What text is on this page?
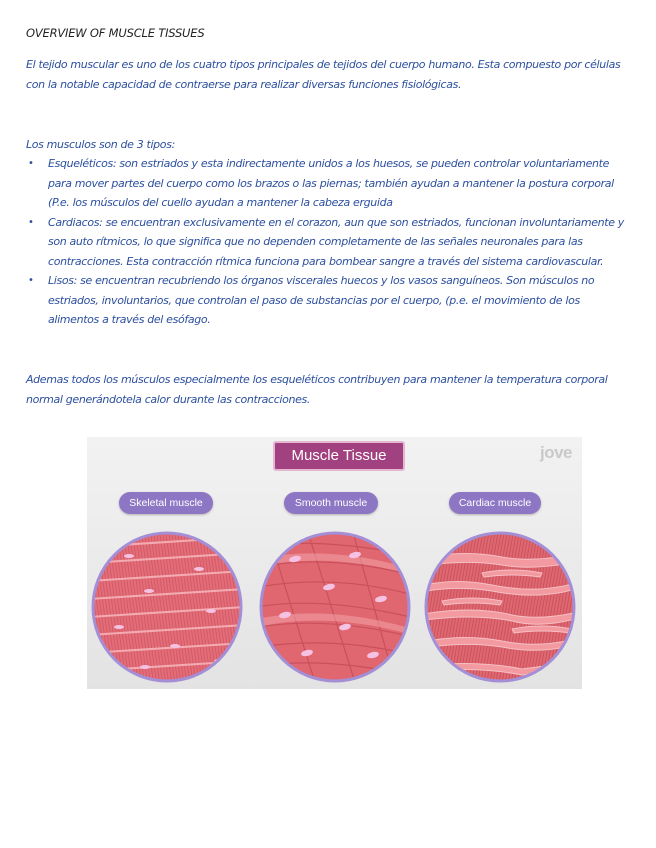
OVERVIEW OF MUSCLE TISSUES
El tejido muscular es uno de los cuatro tipos principales de tejidos del cuerpo humano. Esta compuesto por células con la notable capacidad de contraerse para realizar diversas funciones fisiológicas.
Los musculos son de 3 tipos:
• Esqueléticos: son estriados y esta indirectamente unidos a los huesos, se pueden controlar voluntariamente para mover partes del cuerpo como los brazos o las piernas; también ayudan a mantener la postura corporal (P.e. los músculos del cuello ayudan a mantener la cabeza erguida
• Cardiacos: se encuentran exclusivamente en el corazon, aun que son estriados, funcionan involuntariamente y son auto rítmicos, lo que significa que no dependen completamente de las señales neuronales para las contracciones. Esta contracción rítmica funciona para bombear sangre a través del sistema cardiovascular.
• Lisos: se encuentran recubriendo los órganos viscerales huecos y los vasos sanguíneos. Son músculos no estriados, involuntarios, que controlan el paso de substancias por el cuerpo, (p.e. el movimiento de los alimentos a través del esófago.
Ademas todos los músculos especialmente los esqueléticos contribuyen para mantener la temperatura corporal normal generándotela calor durante las contracciones.
Muscle Tissue	jove
Skeletal muscle	Smooth muscle	Cardiac muscle
